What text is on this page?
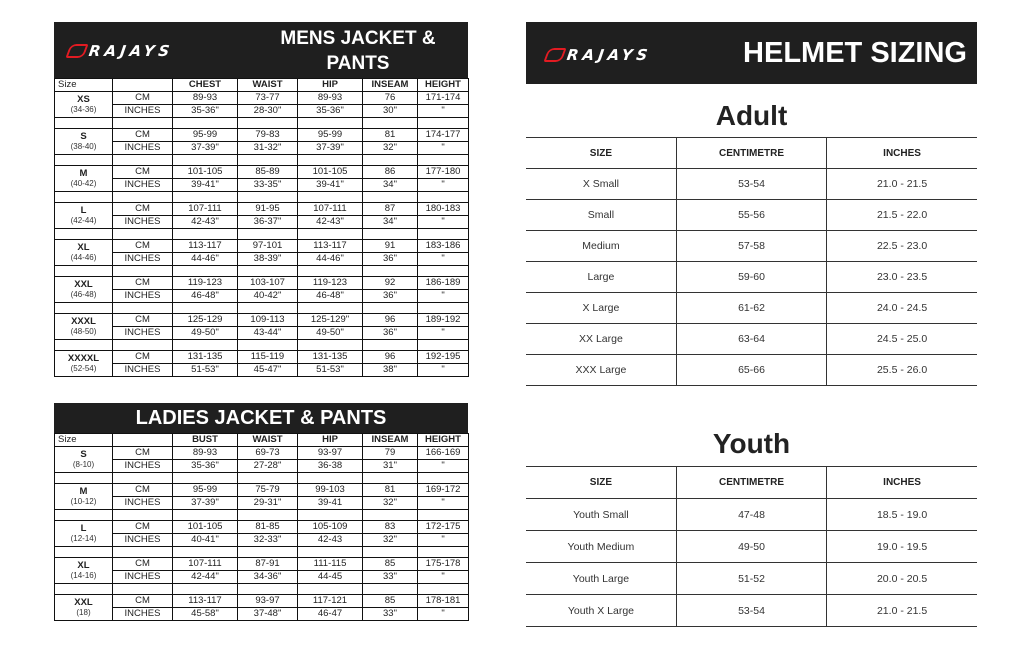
RAJAYS
MENS JACKET &
PANTS
Size		CHEST	WAIST	HIP	INSEAM	HEIGHT

XS
(34-36)	CM	89-93	73-77	89-93	76	171-174
	INCHES	35-36"	28-30"	35-36"	30"	"

S
(38-40)	CM	95-99	79-83	95-99	81	174-177
	INCHES	37-39"	31-32"	37-39"	32"	"

M
(40-42)	CM	101-105	85-89	101-105	86	177-180
	INCHES	39-41"	33-35"	39-41"	34"	"

L
(42-44)	CM	107-111	91-95	107-111	87	180-183
	INCHES	42-43"	36-37"	42-43"	34"	"

XL
(44-46)	CM	113-117	97-101	113-117	91	183-186
	INCHES	44-46"	38-39"	44-46"	36"	"

XXL
(46-48)	CM	119-123	103-107	119-123	92	186-189
	INCHES	46-48"	40-42"	46-48"	36"	"

XXXL
(48-50)	CM	125-129	109-113	125-129"	96	189-192
	INCHES	49-50"	43-44"	49-50"	36"	"

XXXXL
(52-54)	CM	131-135	115-119	131-135	96	192-195
	INCHES	51-53"	45-47"	51-53"	38"	"
LADIES JACKET & PANTS
Size		BUST	WAIST	HIP	INSEAM	HEIGHT

S
(8-10)	CM	89-93	69-73	93-97	79	166-169
	INCHES	35-36"	27-28"	36-38	31"	"

M
(10-12)	CM	95-99	75-79	99-103	81	169-172
	INCHES	37-39"	29-31"	39-41	32"	"

L
(12-14)	CM	101-105	81-85	105-109	83	172-175
	INCHES	40-41"	32-33"	42-43	32"	"

XL
(14-16)	CM	107-111	87-91	111-115	85	175-178
	INCHES	42-44"	34-36"	44-45	33"	"

XXL
(18)	CM	113-117	93-97	117-121	85	178-181
	INCHES	45-58"	37-48"	46-47	33"	"
RAJAYS	HELMET SIZING
Adult
SIZE	CENTIMETRE	INCHES
X Small	53-54	21.0 - 21.5
Small	55-56	21.5 - 22.0
Medium	57-58	22.5 - 23.0
Large	59-60	23.0 - 23.5
X Large	61-62	24.0 - 24.5
XX Large	63-64	24.5 - 25.0
XXX Large	65-66	25.5 - 26.0
Youth
SIZE	CENTIMETRE	INCHES
Youth Small	47-48	18.5 - 19.0
Youth Medium	49-50	19.0 - 19.5
Youth Large	51-52	20.0 - 20.5
Youth X Large	53-54	21.0 - 21.5
